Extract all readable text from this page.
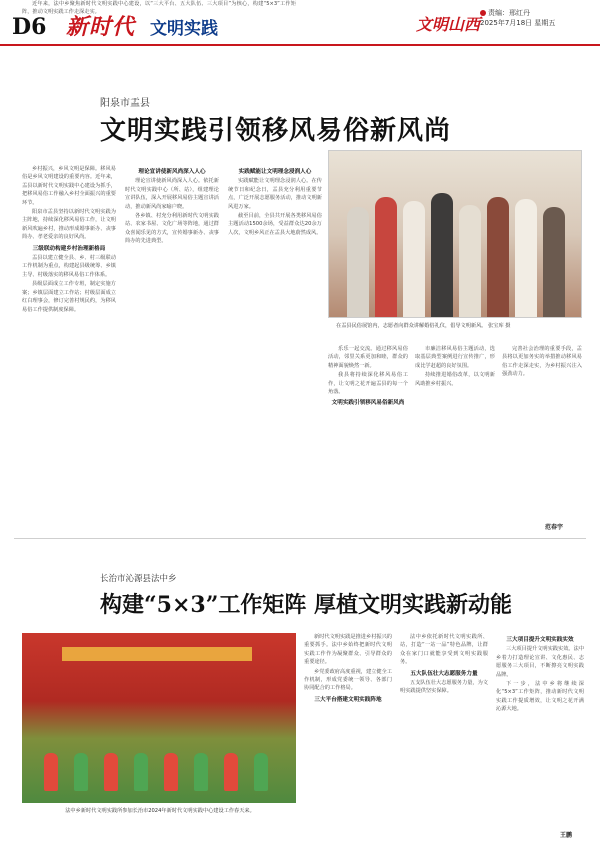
D6 新时代 文明实践	文明山西
责编：邢红丹
2025年7月18日 星期五
阳泉市盂县
文明实践引领移风易俗新风尚

乡村振兴，乡风文明是保障。移风易俗是乡风文明建设的重要内容。近年来，盂县以新时代文明实践中心建设为抓手，把移风易俗工作融入乡村全面振兴的重要环节。

阳泉市盂县坚持以新时代文明实践为主阵地，持续深化移风易俗工作，让文明新风吹遍乡村，推动形成婚事新办、丧事简办、孝老爱亲的良好风尚。

三级联动构建乡村治理新格局

盂县以建立健全县、乡、村三级联动工作机制为重点，构建起县级统筹、乡镇主导、村级落实的移风易俗工作体系。

县级层面成立工作专班，制定实施方案；乡镇层面建立工作站；村级层面成立红白理事会，修订完善村规民约，为移风易俗工作提供制度保障。

理论宣讲使新风尚深入人心

理论宣讲使新风尚深入人心。依托新时代文明实践中心（所、站），组建理论宣讲队伍，深入开展移风易俗主题宣讲活动，推动新风尚家喻户晓。

各乡镇、村充分利用新时代文明实践站、农家书屋、文化广场等阵地，通过群众喜闻乐见的方式，宣传婚事新办、丧事简办的先进典型。

实践赋能让文明理念浸润人心

实践赋能让文明理念浸润人心。在传统节日和纪念日，盂县充分利用重要节点，广泛开展志愿服务活动，推动文明新风进万家。

截至目前，全县共开展各类移风易俗主题活动1500余场，受益群众达20余万人次，文明乡风正在盂县大地蔚然成风。

在盂县民俗展馆内，志愿者向群众讲解婚俗礼仪，倡导文明新风。 张宝库 摄

乐乐一起交流。通过移风易俗活动，邻里关系更加和睦，群众的精神面貌焕然一新。

我县将持续深化移风易俗工作，让文明之花开遍盂县的每一个角落。

文明实践引领移风易俗新风尚

市廉洁移风易俗主题活动，选取基层典型案例进行宣传推广，形成比学赶超的良好氛围。

持续推进婚俗改革，以文明新风助推乡村振兴。

完善社会治理的重要手段，盂县将以更加务实的举措推动移风易俗工作走深走实，为乡村振兴注入强劲动力。

范春宇
长治市沁源县法中乡
构建“5×3”工作矩阵 厚植文明实践新动能
法中乡新时代文明实践所参加长治市2024年新时代文明实践中心建设工作春天来。

近年来，法中乡聚焦新时代文明实践中心建设，以“三大平台、五大队伍、三大项目”为核心，构建“5×3”工作矩阵，推动文明实践工作走深走实。

新时代文明实践是推进乡村振兴的重要抓手。法中乡始终把新时代文明实践工作作为凝聚群众、引导群众的重要途径。

乡党委政府高度重视，建立健全工作机制，形成党委统一领导、各部门协同配合的工作格局。

三大平台搭建文明实践阵地

法中乡依托新时代文明实践所、站，打造“一站一品”特色品牌，让群众在家门口就能享受到文明实践服务。

五大队伍壮大志愿服务力量

五支队伍壮大志愿服务力量，为文明实践提供坚实保障。

三大项目提升文明实践实效

三大项目提升文明实践实效。法中乡着力打造理论宣讲、文化惠民、志愿服务三大项目，不断擦亮文明实践品牌。

下一步，法中乡将继续深化“5×3”工作矩阵，推动新时代文明实践工作提质增效，让文明之花开满沁源大地。

王鹏
